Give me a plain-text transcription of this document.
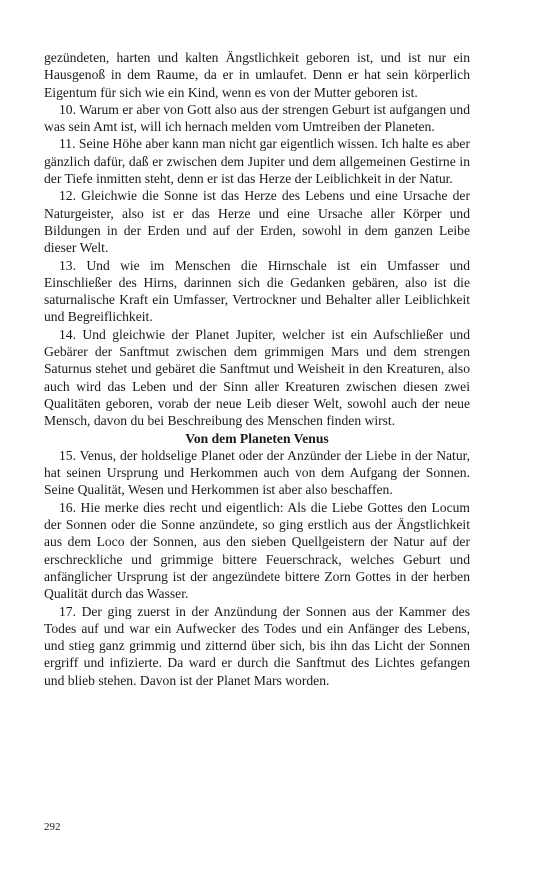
gezündeten, harten und kalten Ängstlichkeit geboren ist, und ist nur ein Hausgenoß in dem Raume, da er in umlaufet. Denn er hat sein körperlich Eigentum für sich wie ein Kind, wenn es von der Mutter geboren ist.

10. Warum er aber von Gott also aus der strengen Geburt ist aufgangen und was sein Amt ist, will ich hernach melden vom Umtreiben der Planeten.

11. Seine Höhe aber kann man nicht gar eigentlich wissen. Ich halte es aber gänzlich dafür, daß er zwischen dem Jupiter und dem allgemeinen Gestirne in der Tiefe inmitten steht, denn er ist das Herze der Leiblichkeit in der Natur.

12. Gleichwie die Sonne ist das Herze des Lebens und eine Ursache der Naturgeister, also ist er das Herze und eine Ursache aller Körper und Bildungen in der Erden und auf der Erden, sowohl in dem ganzen Leibe dieser Welt.

13. Und wie im Menschen die Hirnschale ist ein Umfasser und Einschließer des Hirns, darinnen sich die Gedanken gebären, also ist die saturnalische Kraft ein Umfasser, Vertrockner und Behalter aller Leiblichkeit und Begreiflichkeit.

14. Und gleichwie der Planet Jupiter, welcher ist ein Aufschließer und Gebärer der Sanftmut zwischen dem grimmigen Mars und dem strengen Saturnus stehet und gebäret die Sanftmut und Weisheit in den Kreaturen, also auch wird das Leben und der Sinn aller Kreaturen zwischen diesen zwei Qualitäten geboren, vorab der neue Leib dieser Welt, sowohl auch der neue Mensch, davon du bei Beschreibung des Menschen finden wirst.

Von dem Planeten Venus

15. Venus, der holdselige Planet oder der Anzünder der Liebe in der Natur, hat seinen Ursprung und Herkommen auch von dem Aufgang der Sonnen. Seine Qualität, Wesen und Herkommen ist aber also beschaffen.

16. Hie merke dies recht und eigentlich: Als die Liebe Gottes den Locum der Sonnen oder die Sonne anzündete, so ging erstlich aus der Ängstlichkeit aus dem Loco der Sonnen, aus den sieben Quellgeistern der Natur auf der erschreckliche und grimmige bittere Feuerschrack, welches Geburt und anfänglicher Ursprung ist der angezündete bittere Zorn Gottes in der herben Qualität durch das Wasser.

17. Der ging zuerst in der Anzündung der Sonnen aus der Kammer des Todes auf und war ein Aufwecker des Todes und ein Anfänger des Lebens, und stieg ganz grimmig und zitternd über sich, bis ihn das Licht der Sonnen ergriff und infizierte. Da ward er durch die Sanftmut des Lichtes gefangen und blieb stehen. Davon ist der Planet Mars worden.

292
